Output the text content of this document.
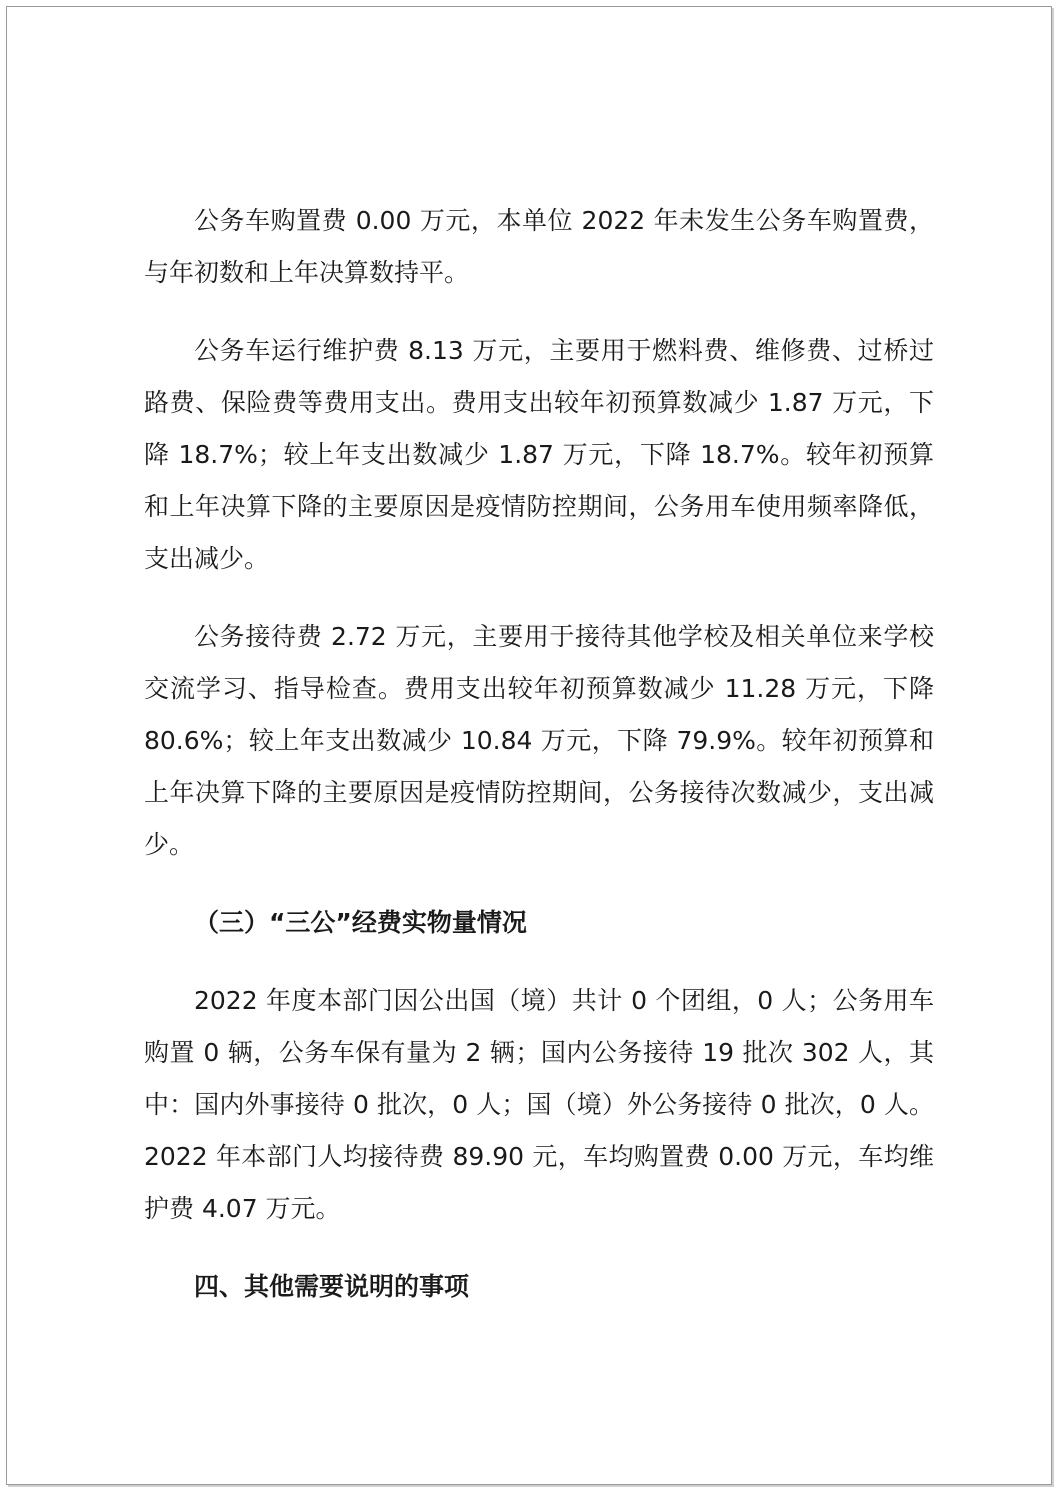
公务车购置费 0.00 万元，本单位 2022 年未发生公务车购置费，与年初数和上年决算数持平。

公务车运行维护费 8.13 万元，主要用于燃料费、维修费、过桥过路费、保险费等费用支出。费用支出较年初预算数减少 1.87 万元，下降 18.7%；较上年支出数减少 1.87 万元，下降 18.7%。较年初预算和上年决算下降的主要原因是疫情防控期间，公务用车使用频率降低，支出减少。

公务接待费 2.72 万元，主要用于接待其他学校及相关单位来学校交流学习、指导检查。费用支出较年初预算数减少 11.28 万元，下降 80.6%；较上年支出数减少 10.84 万元，下降 79.9%。较年初预算和上年决算下降的主要原因是疫情防控期间，公务接待次数减少，支出减少。

（三）“三公”经费实物量情况

2022 年度本部门因公出国（境）共计 0 个团组，0 人；公务用车购置 0 辆，公务车保有量为 2 辆；国内公务接待 19 批次 302 人，其中：国内外事接待 0 批次，0 人；国（境）外公务接待 0 批次，0 人。2022 年本部门人均接待费 89.90 元，车均购置费 0.00 万元，车均维护费 4.07 万元。

四、其他需要说明的事项
